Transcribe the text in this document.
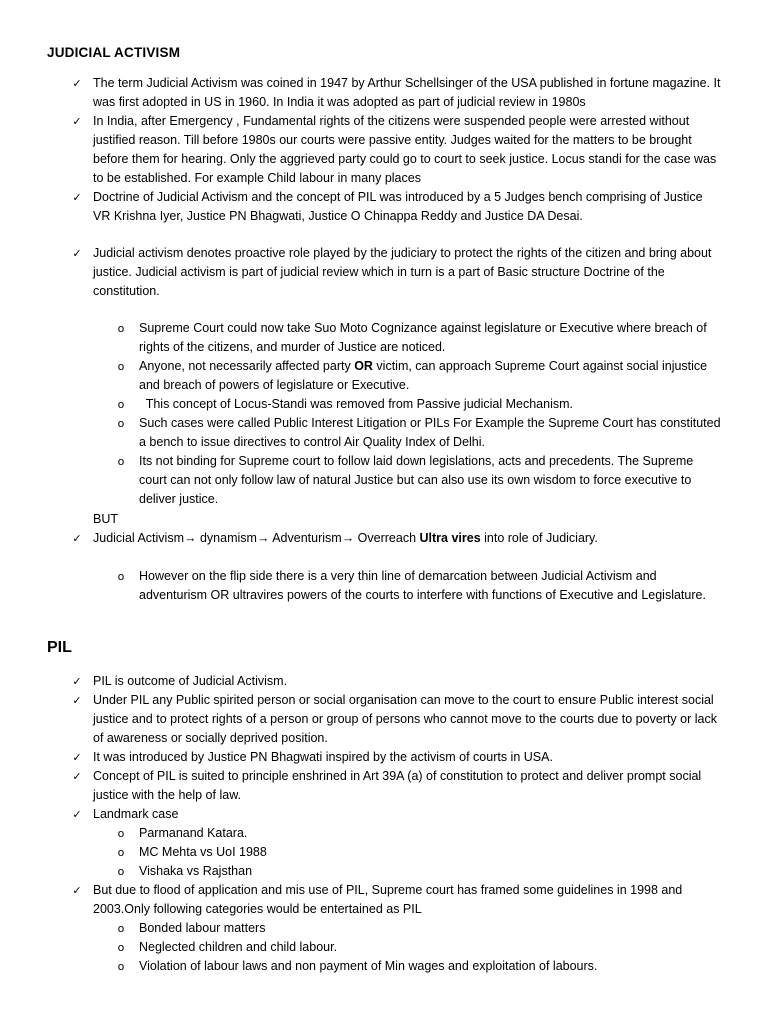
JUDICIAL ACTIVISM
✓ The term Judicial Activism was coined in 1947 by Arthur Schellsinger of the USA published in fortune magazine. It was first adopted in US in 1960. In India it was adopted as part of judicial review in 1980s
✓ In India, after Emergency , Fundamental rights of the citizens were suspended people were arrested without justified reason. Till before 1980s our courts were passive entity. Judges waited for the matters to be brought before them for hearing. Only the aggrieved party could go to court to seek justice. Locus standi for the case was to be established. For example Child labour in many places
✓ Doctrine of Judicial Activism and the concept of PIL was introduced by a 5 Judges bench comprising of Justice VR Krishna Iyer, Justice PN Bhagwati, Justice O Chinappa Reddy and Justice DA Desai.
✓ Judicial activism denotes proactive role played by the judiciary to protect the rights of the citizen and bring about justice. Judicial activism is part of judicial review which in turn is a part of Basic structure Doctrine of the constitution.
o Supreme Court could now take Suo Moto Cognizance against legislature or Executive where breach of rights of the citizens, and murder of Justice are noticed.
o Anyone, not necessarily affected party OR victim, can approach Supreme Court against social injustice and breach of powers of legislature or Executive.
o This concept of Locus-Standi was removed from Passive judicial Mechanism.
o Such cases were called Public Interest Litigation or PILs For Example the Supreme Court has constituted a bench to issue directives to control Air Quality Index of Delhi.
o Its not binding for Supreme court to follow laid down legislations, acts and precedents. The Supreme court can not only follow law of natural Justice but can also use its own wisdom to force executive to deliver justice.
BUT
✓ Judicial Activism→ dynamism→ Adventurism→ Overreach Ultra vires into role of Judiciary.
o However on the flip side there is a very thin line of demarcation between Judicial Activism and adventurism OR ultravires powers of the courts to interfere with functions of Executive and Legislature.
PIL
✓ PIL is outcome of Judicial Activism.
✓ Under PIL any Public spirited person or social organisation can move to the court to ensure Public interest social justice and to protect rights of a person or group of persons who cannot move to the courts due to poverty or lack of awareness or socially deprived position.
✓ It was introduced by Justice PN Bhagwati inspired by the activism of courts in USA.
✓ Concept of PIL is suited to principle enshrined in Art 39A (a) of constitution to protect and deliver prompt social justice with the help of law.
✓ Landmark case
o Parmanand Katara.
o MC Mehta vs UoI 1988
o Vishaka vs Rajsthan
✓ But due to flood of application and mis use of PIL, Supreme court has framed some guidelines in 1998 and 2003.Only following categories would be entertained as PIL
o Bonded labour matters
o Neglected children and child labour.
o Violation of labour laws and non payment of Min wages and exploitation of labours.
